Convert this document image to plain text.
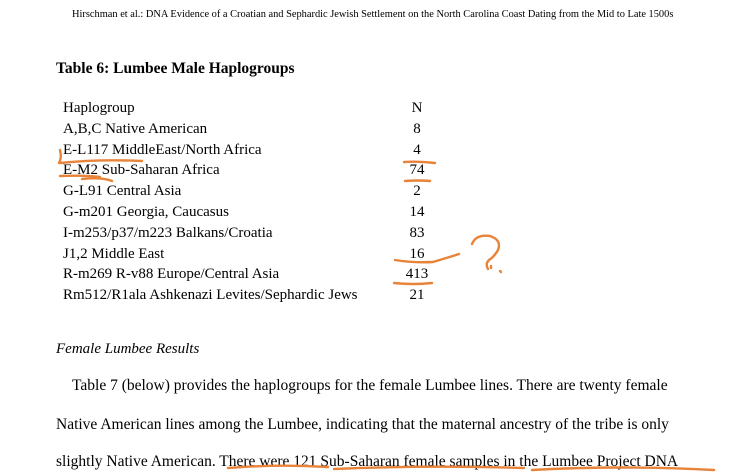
Hirschman et al.: DNA Evidence of a Croatian and Sephardic Jewish Settlement on the North Carolina Coast Dating from the Mid to Late 1500s
Table 6: Lumbee Male Haplogroups
Haplogroup	N
A,B,C Native American	8
E-L117 MiddleEast/North Africa	4
E-M2 Sub-Saharan Africa	74
G-L91 Central Asia	2
G-m201 Georgia, Caucasus	14
I-m253/p37/m223 Balkans/Croatia	83
J1,2 Middle East	16
R-m269 R-v88 Europe/Central Asia	413
Rm512/R1ala Ashkenazi Levites/Sephardic Jews	21
Female Lumbee Results
Table 7 (below) provides the haplogroups for the female Lumbee lines. There are twenty female
Native American lines among the Lumbee, indicating that the maternal ancestry of the tribe is only
slightly Native American. There were 121 Sub-Saharan female samples in the Lumbee Project DNA
